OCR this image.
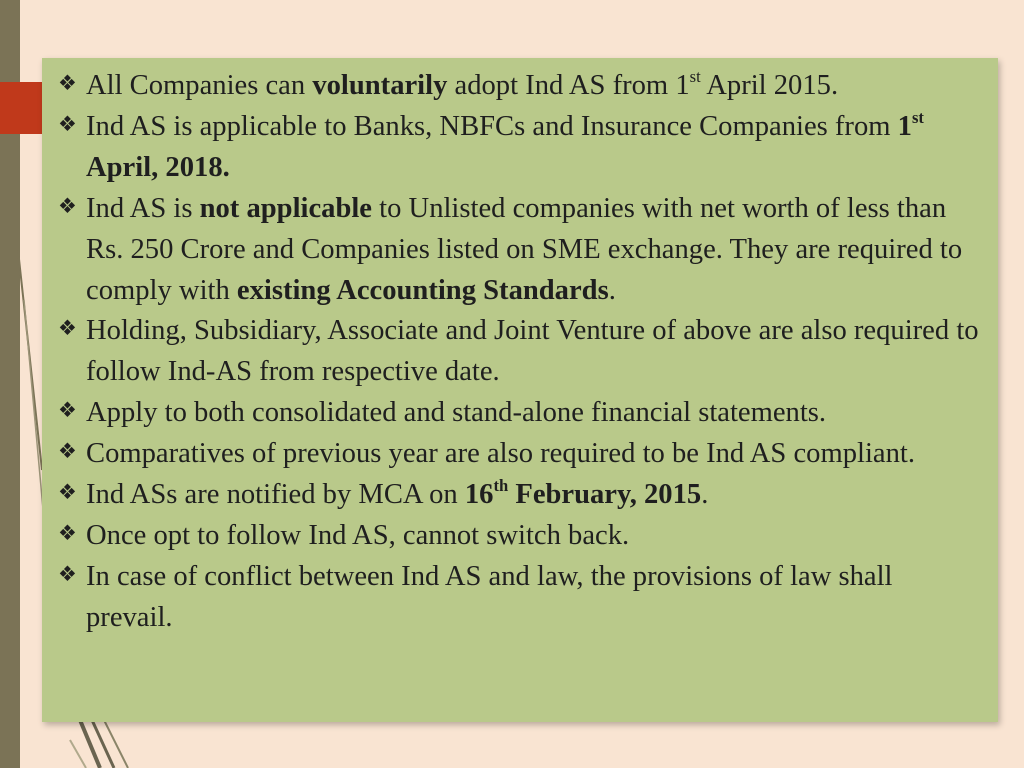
❖ All Companies can voluntarily adopt Ind AS from 1st April 2015.
❖ Ind AS is applicable to Banks, NBFCs and Insurance Companies from 1st April, 2018.
❖ Ind AS is not applicable to Unlisted companies with net worth of less than Rs. 250 Crore and Companies listed on SME exchange. They are required to comply with existing Accounting Standards.
❖ Holding, Subsidiary, Associate and Joint Venture of above are also required to follow Ind-AS from respective date.
❖ Apply to both consolidated and stand-alone financial statements.
❖ Comparatives of previous year are also required to be Ind AS compliant.
❖ Ind ASs are notified by MCA on 16th February, 2015.
❖ Once opt to follow Ind AS, cannot switch back.
❖ In case of conflict between Ind AS and law, the provisions of law shall prevail.
